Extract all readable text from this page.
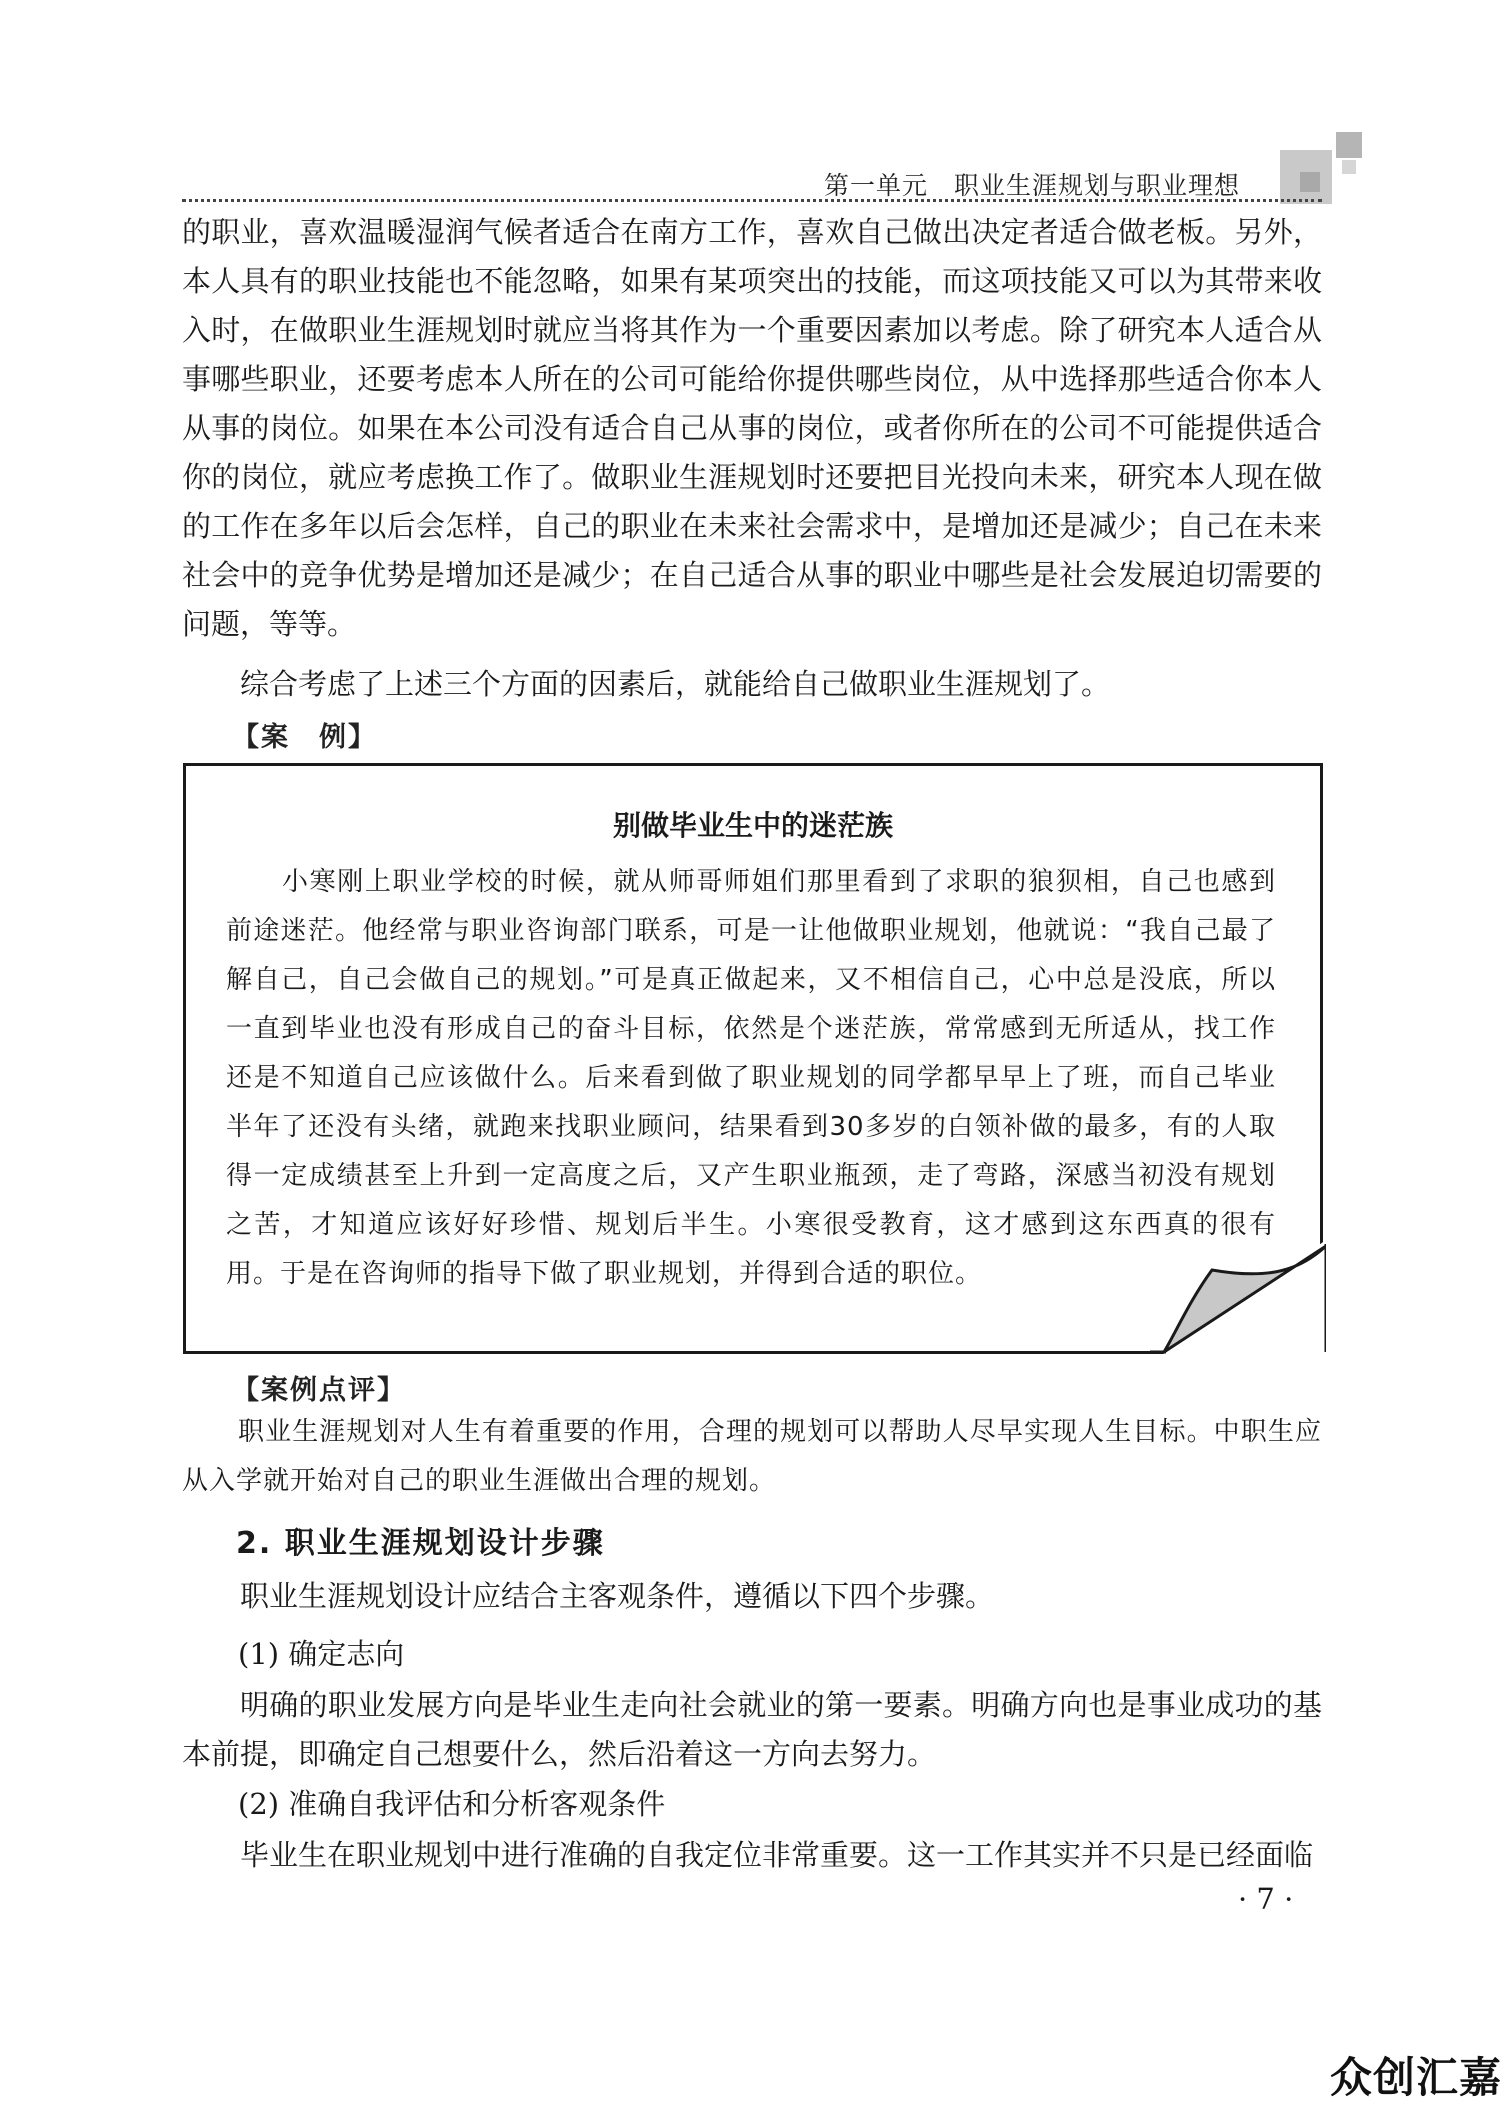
第一单元　职业生涯规划与职业理想

的职业，喜欢温暖湿润气候者适合在南方工作，喜欢自己做出决定者适合做老板。另外，本人具有的职业技能也不能忽略，如果有某项突出的技能，而这项技能又可以为其带来收入时，在做职业生涯规划时就应当将其作为一个重要因素加以考虑。除了研究本人适合从事哪些职业，还要考虑本人所在的公司可能给你提供哪些岗位，从中选择那些适合你本人从事的岗位。如果在本公司没有适合自己从事的岗位，或者你所在的公司不可能提供适合你的岗位，就应考虑换工作了。做职业生涯规划时还要把目光投向未来，研究本人现在做的工作在多年以后会怎样，自己的职业在未来社会需求中，是增加还是减少；自己在未来社会中的竞争优势是增加还是减少；在自己适合从事的职业中哪些是社会发展迫切需要的问题，等等。

综合考虑了上述三个方面的因素后，就能给自己做职业生涯规划了。

【案　例】
别做毕业生中的迷茫族

小寒刚上职业学校的时候，就从师哥师姐们那里看到了求职的狼狈相，自己也感到前途迷茫。他经常与职业咨询部门联系，可是一让他做职业规划，他就说：“我自己最了解自己，自己会做自己的规划。”可是真正做起来，又不相信自己，心中总是没底，所以一直到毕业也没有形成自己的奋斗目标，依然是个迷茫族，常常感到无所适从，找工作还是不知道自己应该做什么。后来看到做了职业规划的同学都早早上了班，而自己毕业半年了还没有头绪，就跑来找职业顾问，结果看到30多岁的白领补做的最多，有的人取得一定成绩甚至上升到一定高度之后，又产生职业瓶颈，走了弯路，深感当初没有规划之苦，才知道应该好好珍惜、规划后半生。小寒很受教育，这才感到这东西真的很有用。于是在咨询师的指导下做了职业规划，并得到合适的职位。

【案例点评】

职业生涯规划对人生有着重要的作用，合理的规划可以帮助人尽早实现人生目标。中职生应从入学就开始对自己的职业生涯做出合理的规划。

2. 职业生涯规划设计步骤

职业生涯规划设计应结合主客观条件，遵循以下四个步骤。

(1) 确定志向

明确的职业发展方向是毕业生走向社会就业的第一要素。明确方向也是事业成功的基本前提，即确定自己想要什么，然后沿着这一方向去努力。

(2) 准确自我评估和分析客观条件

毕业生在职业规划中进行准确的自我定位非常重要。这一工作其实并不只是已经面临

· 7 ·
众创汇嘉
